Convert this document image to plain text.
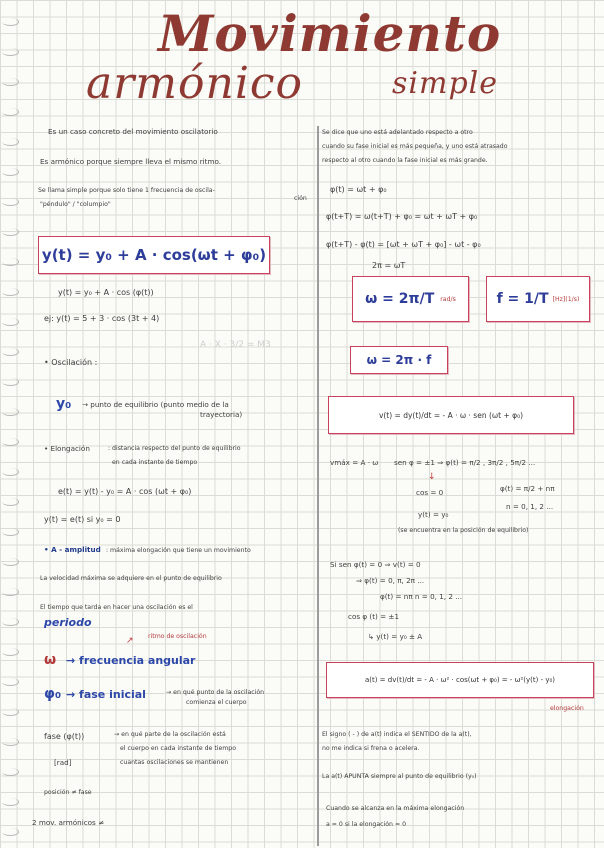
Movimiento
armónico	simple
Es un caso concreto del movimiento oscilatorio
Es armónico porque siempre lleva el mismo ritmo.
Se llama simple porque solo tiene 1 frecuencia de oscila-
ción
"péndulo" / "columpio"
y(t) = y₀ + A · cos(ωt + φ₀)
y(t) = y₀ + A · cos (φ(t))
ej: y(t) = 5 + 3 · cos (3t + 4)
A · X · 3/2 = M3
• Oscilación :
y₀ → punto de equilibrio (punto medio de la
trayectoria)
• Elongación	: distancia respecto del punto de equilibrio
en cada instante de tiempo
e(t) = y(t) - y₀ = A · cos (ωt + φ₀)
y(t) = e(t) si y₀ = 0
• A - amplitud : máxima elongación que tiene un movimiento
La velocidad máxima se adquiere en el punto de equilibrio
El tiempo que tarda en hacer una oscilación es el
periodo
ritmo de oscilación
↗
ω → frecuencia angular
φ₀ → fase inicial	→ en qué punto de la oscilación
comienza el cuerpo
fase (φ(t))	→ en qué parte de la oscilación está
el cuerpo en cada instante de tiempo
cuantas oscilaciones se mantienen
[rad]
posición ≠ fase
2 mov. armónicos ≠
Se dice que uno está adelantado respecto a otro
cuando su fase inicial es más pequeña, y uno está atrasado
respecto al otro cuando la fase inicial es más grande.
φ(t) = ωt + φ₀
φ(t+T) = ω(t+T) + φ₀ = ωt + ωT + φ₀
φ(t+T) - φ(t) = [ωt + ωT + φ₀] - ωt - φ₀
2π = ωT
ω = 2π/T rad/s	f = 1/T [Hz](1/s)
ω = 2π · f
v(t) = dy(t)/dt = - A · ω · sen (ωt + φ₀)
vmáx = A · ω sen φ = ±1 ⇒ φ(t) = π/2 , 3π/2 , 5π/2 ...
↓
cos = 0	φ(t) = π/2 + nπ
y(t) = y₀
n = 0, 1, 2 ...
(se encuentra en la posición de equilibrio)
Si sen φ(t) = 0 ⇒ v(t) = 0
⇒ φ(t) = 0, π, 2π ...
φ(t) = nπ n = 0, 1, 2 ...
cos φ (t) = ±1
↳ y(t) = y₀ ± A
a(t) = dv(t)/dt = - A · ω² · cos(ωt + φ₀) = - ω²(y(t) - y₀)
elongación
El signo ( - ) de a(t) indica el SENTIDO de la a(t),
no me indica si frena o acelera.
La a(t) APUNTA siempre al punto de equilibrio (y₀)
Cuando se alcanza en la máxima elongación
a = 0 si la elongación = 0
